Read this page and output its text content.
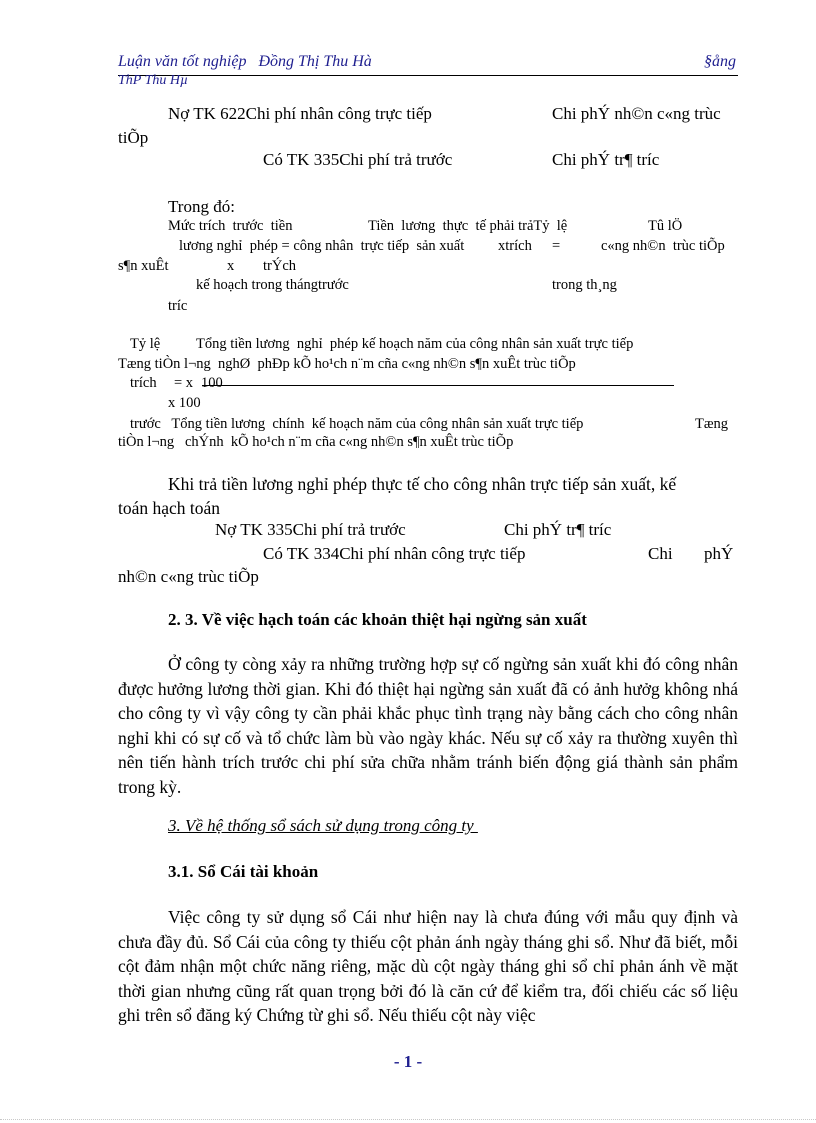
Luận văn tốt nghiệp   Đồng Thị Thu Hà	§ång
ThP Thu Hµ
Nợ TK 622Chi phí nhân công trực tiếp	Chi phÝ nh©n c«ng trùc
tiÕp
Có TK 335Chi phí trả trước	Chi phÝ tr¶ tríc
Trong đó:
Mức trích  trước  tiền	Tiền  lương  thực  tế phải trảTỷ  lệ	Tû lÖ
lương nghỉ  phép = công nhân  trực tiếp  sản xuất xtrích =	c«ng nh©n  trùc tiÕp
s¶n xuÊt	x trÝch
kế hoạch trong thángtrước	trong th¸ng
tríc
Tỷ lệ Tổng tiền lương  nghỉ  phép kế hoạch năm của công nhân sản xuất trực tiếp
Tæng tiÒn l¬ng  nghØ  phÐp kÕ ho¹ch n¨m cña c«ng nh©n s¶n xuÊt trùc tiÕp
trích = x 100
x 100
trước   Tổng tiền lương  chính  kế hoạch năm của công nhân sản xuất trực tiếp	Tæng
tiÒn l¬ng   chÝnh  kÕ ho¹ch n¨m cña c«ng nh©n s¶n xuÊt trùc tiÕp
Khi trả tiền lương nghỉ phép thực tế cho công nhân trực tiếp sản xuất, kế
toán hạch toán
Nợ TK 335Chi phí trả trước	Chi phÝ tr¶ tríc
Có TK 334Chi phí nhân công trực tiếp	Chi phÝ
nh©n c«ng trùc tiÕp
2. 3. Về việc hạch toán các khoản thiệt hại ngừng sản xuất
Ở công ty còng xảy ra những trường hợp sự cố ngừng sản xuất khi đó công nhân được hưởng lương thời gian. Khi đó thiệt hại ngừng sản xuất đã có ảnh hưởg không nhá cho công ty vì vậy công ty cần phải khắc phục tình trạng này bằng cách cho công nhân nghỉ khi có sự cố và tổ chức làm bù vào ngày khác. Nếu sự cố xảy ra thường xuyên thì nên tiến hành trích trước chi phí sửa chữa nhằm tránh biến động giá thành sản phẩm trong kỳ.
3. Về hệ thống sổ sách sử dụng trong công ty
3.1. Sổ Cái tài khoản
Việc công ty sử dụng sổ Cái như hiện nay là chưa đúng với mẫu quy định và chưa đầy đủ. Sổ Cái của công ty thiếu cột phản ánh ngày tháng ghi sổ. Như đã biết, mỗi cột đảm nhận một chức năng riêng, mặc dù cột ngày tháng ghi sổ chỉ phản ánh về mặt thời gian nhưng cũng rất quan trọng bởi đó là căn cứ để kiểm tra, đối chiếu các số liệu ghi trên sổ đăng ký Chứng từ ghi sổ. Nếu thiếu cột này việc
- 1 -
